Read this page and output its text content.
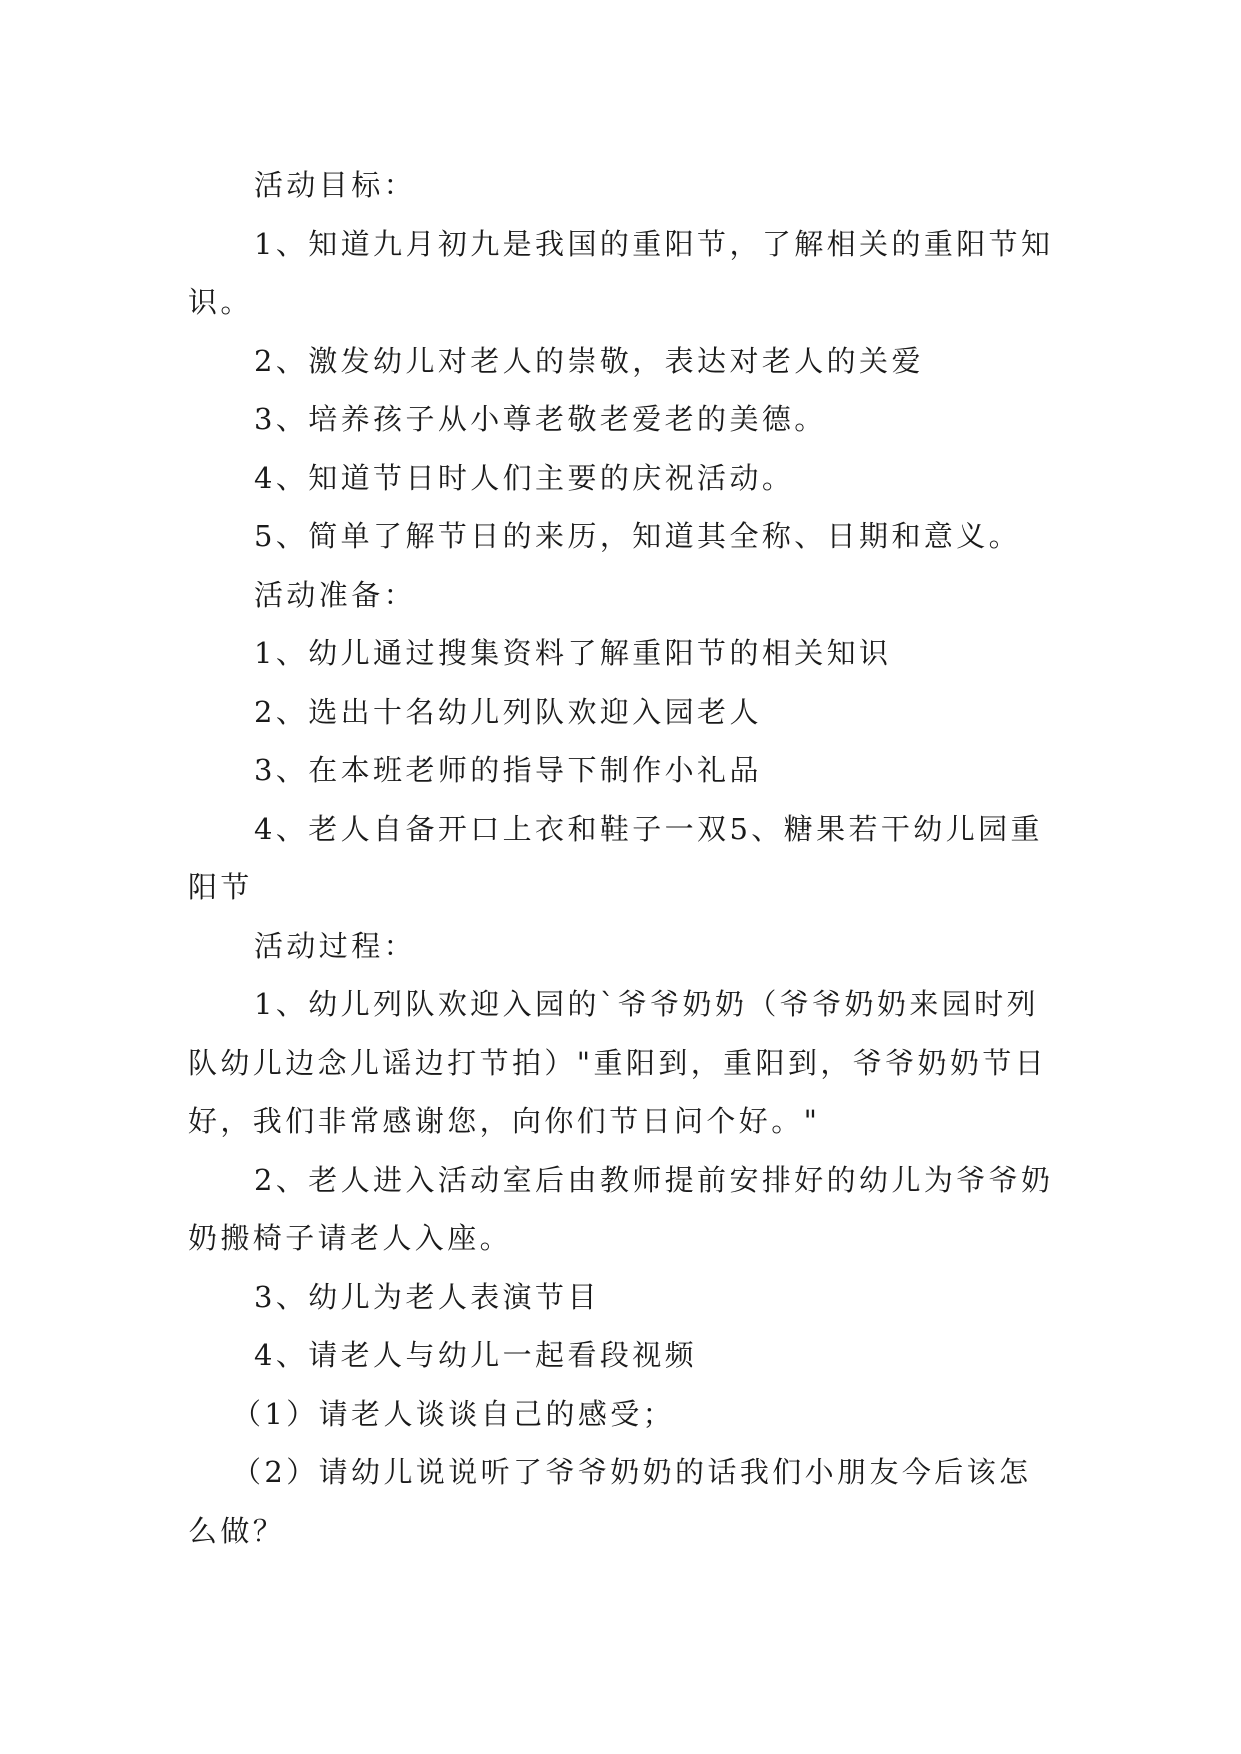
活动目标：

1、知道九月初九是我国的重阳节，了解相关的重阳节知识。

2、激发幼儿对老人的崇敬，表达对老人的关爱

3、培养孩子从小尊老敬老爱老的美德。

4、知道节日时人们主要的庆祝活动。

5、简单了解节日的来历，知道其全称、日期和意义。

活动准备：

1、幼儿通过搜集资料了解重阳节的相关知识

2、选出十名幼儿列队欢迎入园老人

3、在本班老师的指导下制作小礼品

4、老人自备开口上衣和鞋子一双5、糖果若干幼儿园重阳节

活动过程：

1、幼儿列队欢迎入园的`爷爷奶奶（爷爷奶奶来园时列队幼儿边念儿谣边打节拍）"重阳到，重阳到，爷爷奶奶节日好，我们非常感谢您，向你们节日问个好。"

2、老人进入活动室后由教师提前安排好的幼儿为爷爷奶奶搬椅子请老人入座。

3、幼儿为老人表演节目

4、请老人与幼儿一起看段视频

（1）请老人谈谈自己的感受；

（2）请幼儿说说听了爷爷奶奶的话我们小朋友今后该怎么做？
